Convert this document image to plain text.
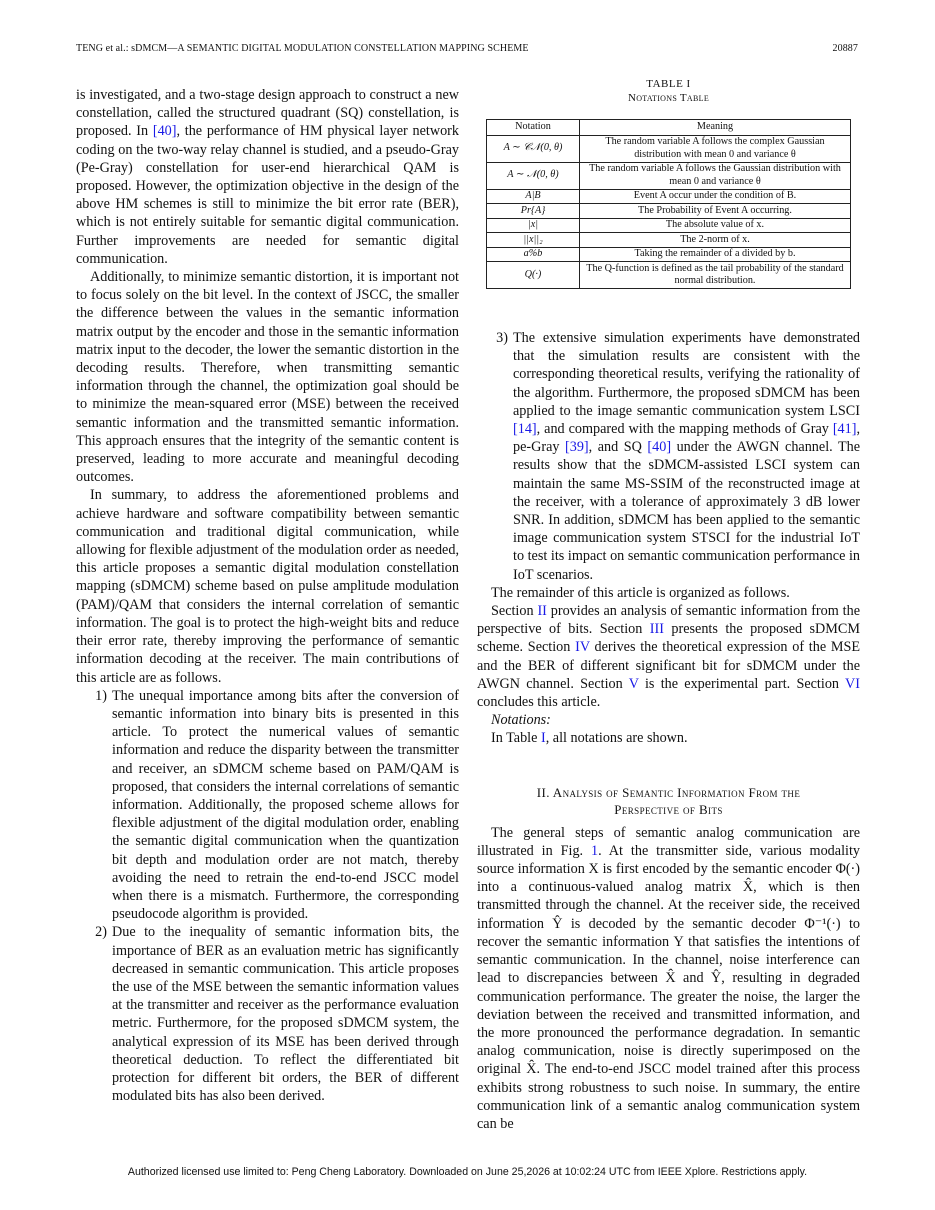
TENG et al.: sDMCM—A SEMANTIC DIGITAL MODULATION CONSTELLATION MAPPING SCHEME	20887

is investigated, and a two-stage design approach to construct a new constellation, called the structured quadrant (SQ) constellation, is proposed. In [40], the performance of HM physical layer network coding on the two-way relay channel is studied, and a pseudo-Gray (Pe-Gray) constellation for user-end hierarchical QAM is proposed. However, the optimization objective in the design of the above HM schemes is still to minimize the bit error rate (BER), which is not entirely suitable for semantic digital communication. Further improvements are needed for semantic digital communication.

Additionally, to minimize semantic distortion, it is important not to focus solely on the bit level. In the context of JSCC, the smaller the difference between the values in the semantic information matrix output by the encoder and those in the semantic information matrix input to the decoder, the lower the semantic distortion in the decoding results. Therefore, when transmitting semantic information through the channel, the optimization goal should be to minimize the mean-squared error (MSE) between the received semantic information and the transmitted semantic information. This approach ensures that the integrity of the semantic content is preserved, leading to more accurate and meaningful decoding outcomes.

In summary, to address the aforementioned problems and achieve hardware and software compatibility between semantic communication and traditional digital communication, while allowing for flexible adjustment of the modulation order as needed, this article proposes a semantic digital modulation constellation mapping (sDMCM) scheme based on pulse amplitude modulation (PAM)/QAM that considers the internal correlation of semantic information. The goal is to protect the high-weight bits and reduce their error rate, thereby improving the performance of semantic information decoding at the receiver. The main contributions of this article are as follows.

1) The unequal importance among bits after the conversion of semantic information into binary bits is presented in this article. To protect the numerical values of semantic information and reduce the disparity between the transmitter and receiver, an sDMCM scheme based on PAM/QAM is proposed, that considers the internal correlations of semantic information. Additionally, the proposed scheme allows for flexible adjustment of the digital modulation order, enabling the semantic digital communication when the quantization bit depth and modulation order are not match, thereby avoiding the need to retrain the end-to-end JSCC model when there is a mismatch. Furthermore, the corresponding pseudocode algorithm is provided.
2) Due to the inequality of semantic information bits, the importance of BER as an evaluation metric has significantly decreased in semantic communication. This article proposes the use of the MSE between the semantic information values at the transmitter and receiver as the performance evaluation metric. Furthermore, for the proposed sDMCM system, the analytical expression of its MSE has been derived through theoretical deduction. To reflect the differentiated bit protection for different bit orders, the BER of different modulated bits has also been derived.
TABLE I
Notations Table
Notation	Meaning
A ∼ 𝒞𝒩(0, θ)	The random variable A follows the complex Gaussian distribution with mean 0 and variance θ
A ∼ 𝒩(0, θ)	The random variable A follows the Gaussian distribution with mean 0 and variance θ
A|B	Event A occur under the condition of B.
Pr{A}	The Probability of Event A occurring.
|x|	The absolute value of x.
||x||₂	The 2-norm of x.
a%b	Taking the remainder of a divided by b.
Q(·)	The Q-function is defined as the tail probability of the standard normal distribution.
3) The extensive simulation experiments have demonstrated that the simulation results are consistent with the corresponding theoretical results, verifying the rationality of the algorithm. Furthermore, the proposed sDMCM has been applied to the image semantic communication system LSCI [14], and compared with the mapping methods of Gray [41], pe-Gray [39], and SQ [40] under the AWGN channel. The results show that the sDMCM-assisted LSCI system can maintain the same MS-SSIM of the reconstructed image at the receiver, with a tolerance of approximately 3 dB lower SNR. In addition, sDMCM has been applied to the semantic image communication system STSCI for the industrial IoT to test its impact on semantic communication performance in IoT scenarios.

The remainder of this article is organized as follows.

Section II provides an analysis of semantic information from the perspective of bits. Section III presents the proposed sDMCM scheme. Section IV derives the theoretical expression of the MSE and the BER of different significant bit for sDMCM under the AWGN channel. Section V is the experimental part. Section VI concludes this article.

Notations:

In Table I, all notations are shown.

II. Analysis of Semantic Information From the
Perspective of Bits

The general steps of semantic analog communication are illustrated in Fig. 1. At the transmitter side, various modality source information X is first encoded by the semantic encoder Φ(·) into a continuous-valued analog matrix X̂, which is then transmitted through the channel. At the receiver side, the received information Ŷ is decoded by the semantic decoder Φ⁻¹(·) to recover the semantic information Y that satisfies the intentions of semantic communication. In the channel, noise interference can lead to discrepancies between X̂ and Ŷ, resulting in degraded communication performance. The greater the noise, the larger the deviation between the received and transmitted information, and the more pronounced the performance degradation. In semantic analog communication, noise is directly superimposed on the original X̂. The end-to-end JSCC model trained after this process exhibits strong robustness to such noise. In summary, the entire communication link of a semantic analog communication system can be

Authorized licensed use limited to: Peng Cheng Laboratory. Downloaded on June 25,2026 at 10:02:24 UTC from IEEE Xplore. Restrictions apply.
